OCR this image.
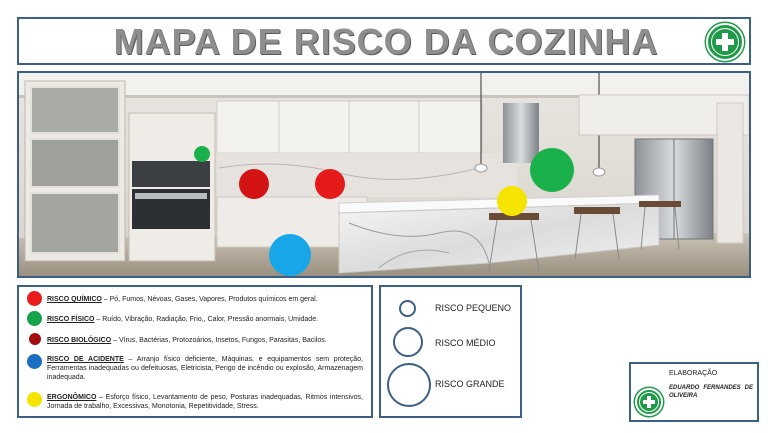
MAPA DE RISCO DA COZINHA
RISCO QUÍMICO – Pó, Fumos, Névoas, Gases, Vapores, Produtos químicos em geral.
RISCO FÍSICO – Ruído, Vibração, Radiação, Frio,, Calor, Pressão anormais, Umidade.
RISCO BIOLÓGICO – Vírus, Bactérias, Protozoários, Insetos, Fungos, Parasitas, Bacilos.
RISCO DE ACIDENTE – Arranjo físico deficiente, Máquinas, e equipamentos sem proteção, Ferramentas inadequadas ou defeituosas, Eletricista, Perigo de incêndio ou explosão, Armazenagem inadequada.
ERGONÔMICO – Esforço físico, Levantamento de peso, Posturas inadequadas, Ritmos intensivos, Jornada de trabalho, Excessivas, Monotonia, Repetitividade, Stress.
RISCO PEQUENO
RISCO MÉDIO
RISCO GRANDE
ELABORAÇÃO
EDUARDO FERNANDES DE OLIVEIRA
